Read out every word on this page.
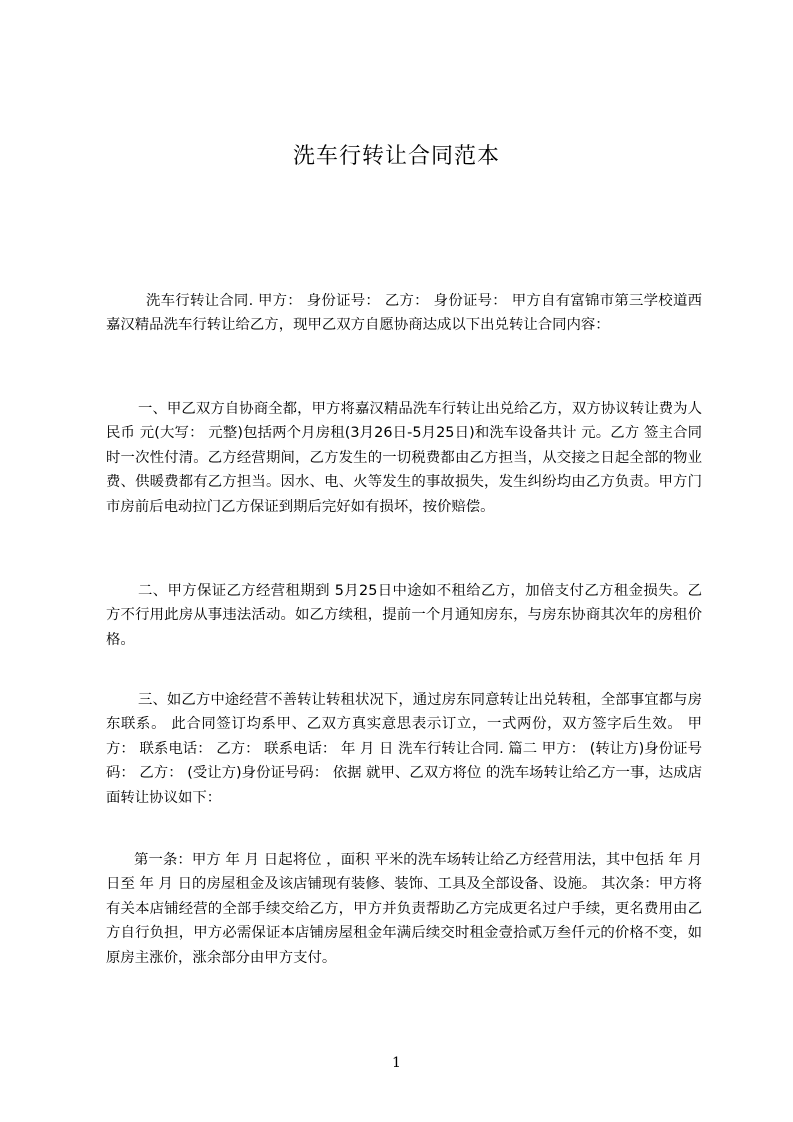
洗车行转让合同范本
洗车行转让合同. 甲方： 身份证号： 乙方： 身份证号： 甲方自有富锦市第三学校道西嘉汉精品洗车行转让给乙方，现甲乙双方自愿协商达成以下出兑转让合同内容：
一、甲乙双方自协商全都，甲方将嘉汉精品洗车行转让出兑给乙方，双方协议转让费为人民币 元(大写： 元整)包括两个月房租(3月26日-5月25日)和洗车设备共计 元。乙方 签主合同时一次性付清。乙方经营期间，乙方发生的一切税费都由乙方担当，从交接之日起全部的物业费、供暖费都有乙方担当。因水、电、火等发生的事故损失，发生纠纷均由乙方负责。甲方门市房前后电动拉门乙方保证到期后完好如有损坏，按价赔偿。
二、甲方保证乙方经营租期到 5月25日中途如不租给乙方，加倍支付乙方租金损失。乙方不行用此房从事违法活动。如乙方续租，提前一个月通知房东，与房东协商其次年的房租价格。
三、如乙方中途经营不善转让转租状况下，通过房东同意转让出兑转租，全部事宜都与房东联系。 此合同签订均系甲、乙双方真实意思表示订立，一式两份，双方签字后生效。 甲方： 联系电话： 乙方： 联系电话： 年 月 日 洗车行转让合同. 篇二 甲方： (转让方)身份证号码： 乙方： (受让方)身份证号码： 依据 就甲、乙双方将位 的洗车场转让给乙方一事，达成店面转让协议如下：
第一条：甲方 年 月 日起将位 ，面积 平米的洗车场转让给乙方经营用法，其中包括 年 月 日至 年 月 日的房屋租金及该店铺现有装修、装饰、工具及全部设备、设施。 其次条：甲方将有关本店铺经营的全部手续交给乙方，甲方并负责帮助乙方完成更名过户手续，更名费用由乙方自行负担，甲方必需保证本店铺房屋租金年满后续交时租金壹拾贰万叁仟元的价格不变，如原房主涨价，涨余部分由甲方支付。
1
